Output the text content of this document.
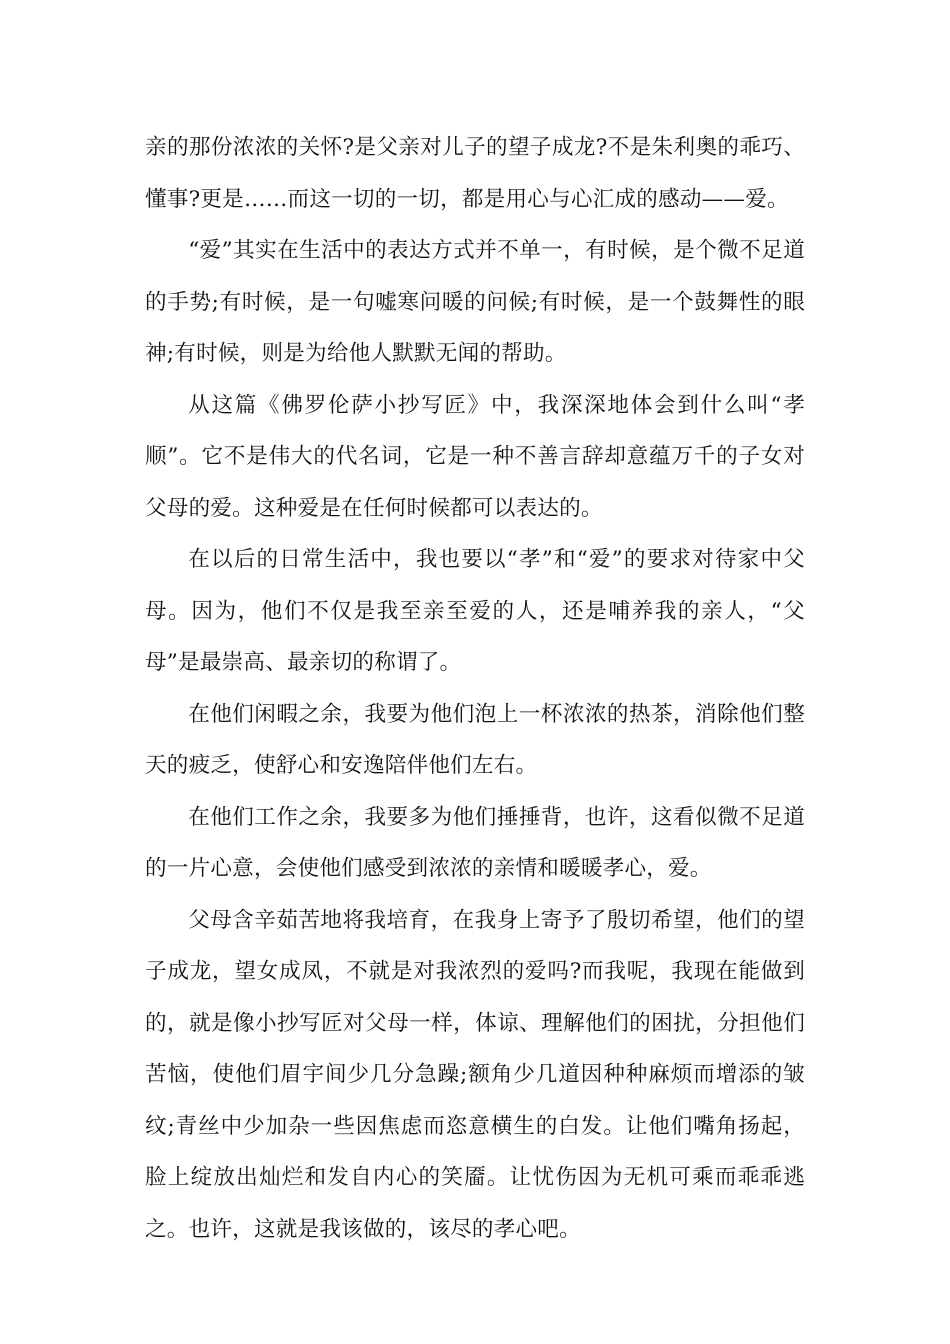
亲的那份浓浓的关怀?是父亲对儿子的望子成龙?不是朱利奥的乖巧、懂事?更是……而这一切的一切，都是用心与心汇成的感动——爱。

“爱”其实在生活中的表达方式并不单一，有时候，是个微不足道的手势;有时候，是一句嘘寒问暖的问候;有时候，是一个鼓舞性的眼神;有时候，则是为给他人默默无闻的帮助。

从这篇《佛罗伦萨小抄写匠》中，我深深地体会到什么叫“孝顺”。它不是伟大的代名词，它是一种不善言辞却意蕴万千的子女对父母的爱。这种爱是在任何时候都可以表达的。

在以后的日常生活中，我也要以“孝”和“爱”的要求对待家中父母。因为，他们不仅是我至亲至爱的人，还是哺养我的亲人，“父母”是最崇高、最亲切的称谓了。

在他们闲暇之余，我要为他们泡上一杯浓浓的热茶，消除他们整天的疲乏，使舒心和安逸陪伴他们左右。

在他们工作之余，我要多为他们捶捶背，也许，这看似微不足道的一片心意，会使他们感受到浓浓的亲情和暖暖孝心，爱。

父母含辛茹苦地将我培育，在我身上寄予了殷切希望，他们的望子成龙，望女成凤，不就是对我浓烈的爱吗?而我呢，我现在能做到的，就是像小抄写匠对父母一样，体谅、理解他们的困扰，分担他们苦恼，使他们眉宇间少几分急躁;额角少几道因种种麻烦而增添的皱纹;青丝中少加杂一些因焦虑而恣意横生的白发。让他们嘴角扬起，脸上绽放出灿烂和发自内心的笑靥。让忧伤因为无机可乘而乖乖逃之。也许，这就是我该做的，该尽的孝心吧。
